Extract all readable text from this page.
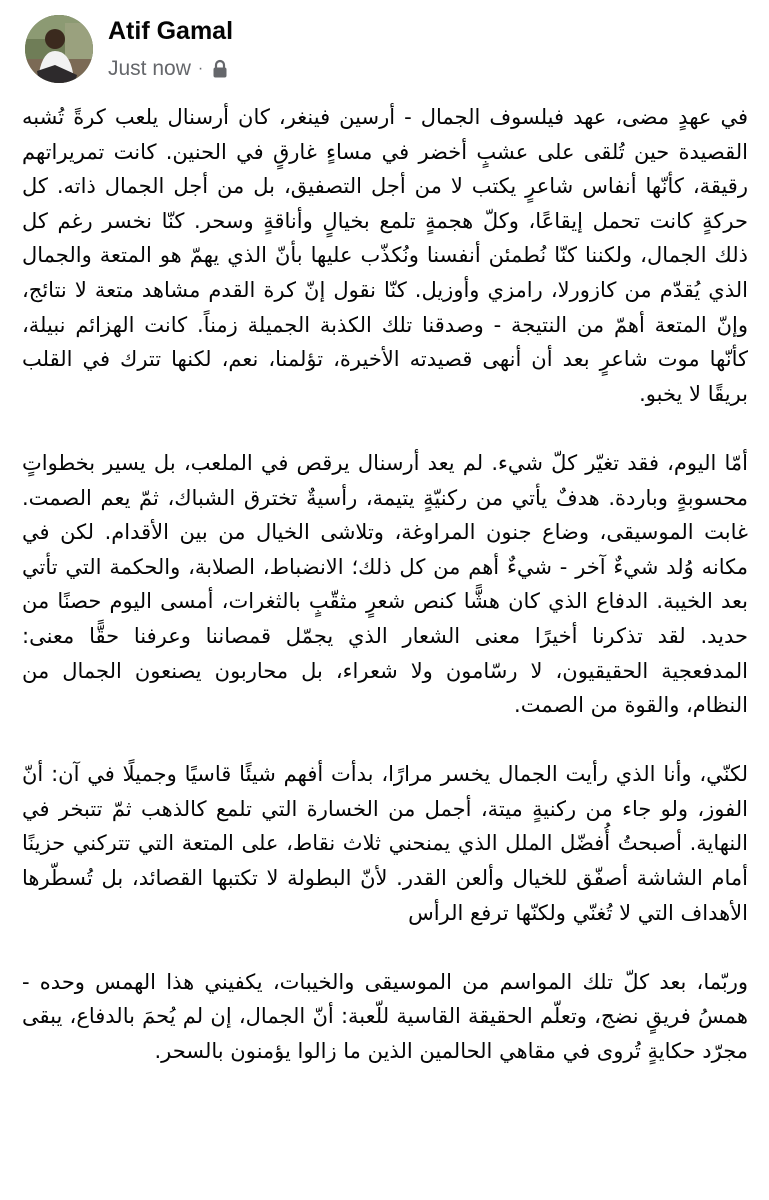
Atif Gamal
Just now ·

في عهدٍ مضى، عهد فيلسوف الجمال - أرسين فينغر، كان أرسنال يلعب كرةً تُشبه القصيدة حين تُلقى على عشبٍ أخضر في مساءٍ غارقٍ في الحنين. كانت تمريراتهم رقيقة، كأنّها أنفاس شاعرٍ يكتب لا من أجل التصفيق، بل من أجل الجمال ذاته. كل حركةٍ كانت تحمل إيقاعًا، وكلّ هجمةٍ تلمع بخيالٍ وأناقةٍ وسحر. كنّا نخسر رغم كل ذلك الجمال، ولكننا كنّا نُطمئن أنفسنا ونُكذّب عليها بأنّ الذي يهمّ هو المتعة والجمال الذي يُقدّم من كازورلا، رامزي وأوزيل. كنّا نقول إنّ كرة القدم مشاهد متعة لا نتائج، وإنّ المتعة أهمّ من النتيجة - وصدقنا تلك الكذبة الجميلة زمناً. كانت الهزائم نبيلة، كأنّها موت شاعرٍ بعد أن أنهى قصيدته الأخيرة، تؤلمنا، نعم، لكنها تترك في القلب بريقًا لا يخبو.

أمّا اليوم، فقد تغيّر كلّ شيء. لم يعد أرسنال يرقص في الملعب، بل يسير بخطواتٍ محسوبةٍ وباردة. هدفٌ يأتي من ركنيّةٍ يتيمة، رأسيةٌ تخترق الشباك، ثمّ يعم الصمت. غابت الموسيقى، وضاع جنون المراوغة، وتلاشى الخيال من بين الأقدام. لكن في مكانه وُلد شيءٌ آخر - شيءٌ أهم من كل ذلك؛ الانضباط، الصلابة، والحكمة التي تأتي بعد الخيبة. الدفاع الذي كان هشًّا كنص شعرٍ مثقّبٍ بالثغرات، أمسى اليوم حصنًا من حديد. لقد تذكرنا أخيرًا معنى الشعار الذي يجمّل قمصاننا وعرفنا حقًّا معنى: المدفعجية الحقيقيون، لا رسّامون ولا شعراء، بل محاربون يصنعون الجمال من النظام، والقوة من الصمت.

لكنّي، وأنا الذي رأيت الجمال يخسر مرارًا، بدأت أفهم شيئًا قاسيًا وجميلًا في آن: أنّ الفوز، ولو جاء من ركنيةٍ ميتة، أجمل من الخسارة التي تلمع كالذهب ثمّ تتبخر في النهاية. أصبحتُ أُفضّل الملل الذي يمنحني ثلاث نقاط، على المتعة التي تتركني حزينًا أمام الشاشة أصفّق للخيال وألعن القدر. لأنّ البطولة لا تكتبها القصائد، بل تُسطّرها الأهداف التي لا تُغنّي ولكنّها ترفع الرأس

وربّما، بعد كلّ تلك المواسم من الموسيقى والخيبات، يكفيني هذا الهمس وحده - همسُ فريقٍ نضج، وتعلّم الحقيقة القاسية للّعبة: أنّ الجمال، إن لم يُحمَ بالدفاع، يبقى مجرّد حكايةٍ تُروى في مقاهي الحالمين الذين ما زالوا يؤمنون بالسحر.
